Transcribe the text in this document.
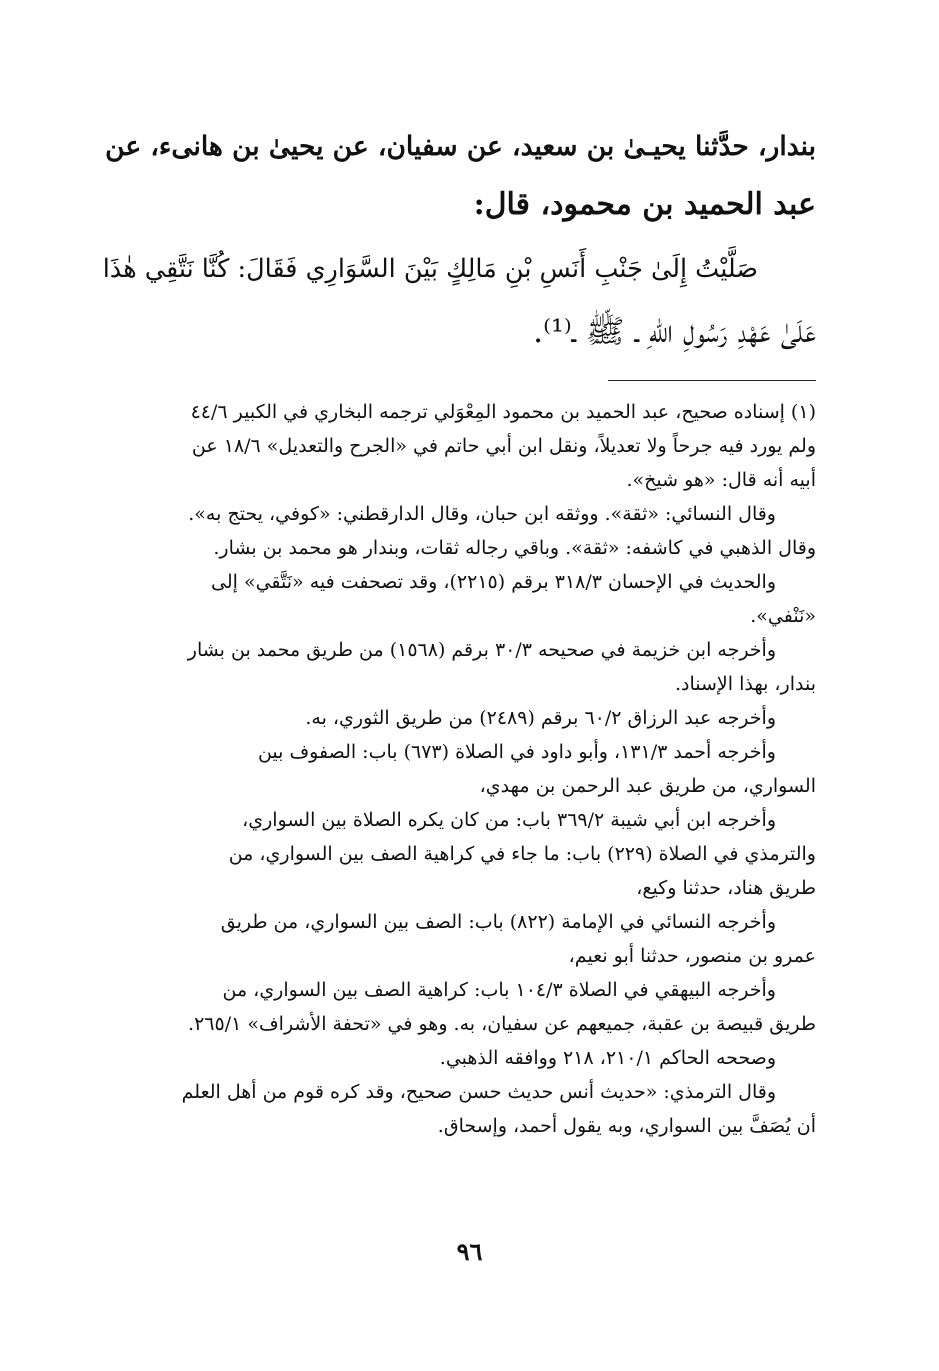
بندار، حدَّثنا يحيـىٰ بن سعيد، عن سفيان، عن يحيىٰ بن هانىء، عن
عبد الحميد بن محمود، قال:
صَلَّيْتُ إِلَىٰ جَنْبِ أَنَسِ بْنِ مَالِكٍ بَيْنَ السَّوَارِي فَقَالَ: كُنَّا نَتَّقِي هٰذَا
عَلَىٰ عَهْدِ رَسُولِ اللهِ ـ ﷺ ـ⁽¹⁾.
(١) إسناده صحيح، عبد الحميد بن محمود المِعْوَلي ترجمه البخاري في الكبير ٤٤/٦
ولم يورد فيه جرحاً ولا تعديلاً، ونقل ابن أبي حاتم في «الجرح والتعديل» ١٨/٦ عن
أبيه أنه قال: «هو شيخ».
وقال النسائي: «ثقة». ووثقه ابن حبان، وقال الدارقطني: «كوفي، يحتج به».
وقال الذهبي في كاشفه: «ثقة». وباقي رجاله ثقات، وبندار هو محمد بن بشار.
والحديث في الإحسان ٣١٨/٣ برقم (٢٢١٥)، وقد تصحفت فيه «نَتَّقي» إلى
«نَنْفي».
وأخرجه ابن خزيمة في صحيحه ٣٠/٣ برقم (١٥٦٨) من طريق محمد بن بشار
بندار، بهذا الإسناد.
وأخرجه عبد الرزاق ٦٠/٢ برقم (٢٤٨٩) من طريق الثوري، به.
وأخرجه أحمد ١٣١/٣، وأبو داود في الصلاة (٦٧٣) باب: الصفوف بين
السواري، من طريق عبد الرحمن بن مهدي،
وأخرجه ابن أبي شيبة ٣٦٩/٢ باب: من كان يكره الصلاة بين السواري،
والترمذي في الصلاة (٢٢٩) باب: ما جاء في كراهية الصف بين السواري، من
طريق هناد، حدثنا وكيع،
وأخرجه النسائي في الإمامة (٨٢٢) باب: الصف بين السواري، من طريق
عمرو بن منصور، حدثنا أبو نعيم،
وأخرجه البيهقي في الصلاة ١٠٤/٣ باب: كراهية الصف بين السواري، من
طريق قبيصة بن عقبة، جميعهم عن سفيان، به. وهو في «تحفة الأشراف» ٢٦٥/١.
وصححه الحاكم ٢١٠/١، ٢١٨ ووافقه الذهبي.
وقال الترمذي: «حديث أنس حديث حسن صحيح، وقد كره قوم من أهل العلم
أن يُصَفَّ بين السواري، وبه يقول أحمد، وإسحاق.
٩٦
